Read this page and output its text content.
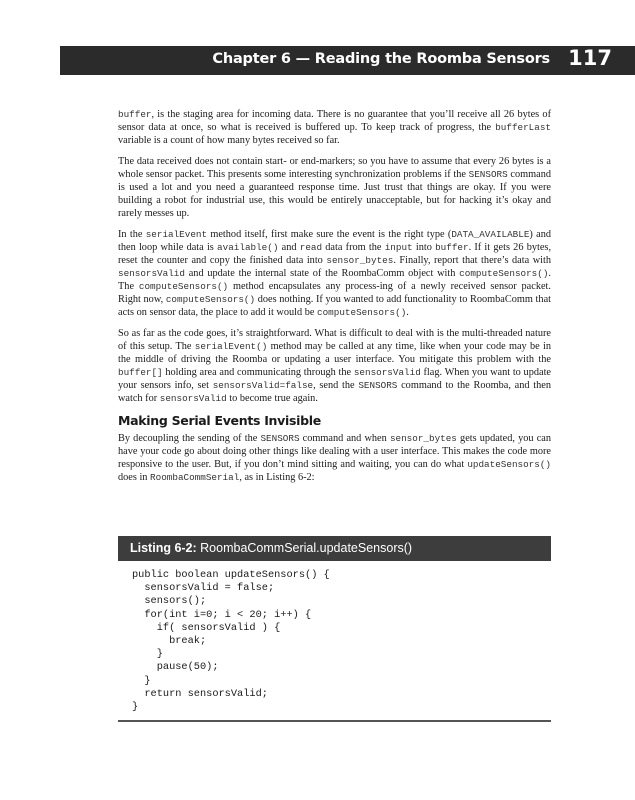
Chapter 6 — Reading the Roomba Sensors 117

buffer, is the staging area for incoming data. There is no guarantee that you’ll receive all 26 bytes of sensor data at once, so what is received is buffered up. To keep track of progress, the bufferLast variable is a count of how many bytes received so far.

The data received does not contain start- or end-markers; so you have to assume that every 26 bytes is a whole sensor packet. This presents some interesting synchronization problems if the SENSORS command is used a lot and you need a guaranteed response time. Just trust that things are okay. If you were building a robot for industrial use, this would be entirely unacceptable, but for hacking it’s okay and rarely messes up.

In the serialEvent method itself, first make sure the event is the right type (DATA_AVAILABLE) and then loop while data is available() and read data from the input into buffer. If it gets 26 bytes, reset the counter and copy the finished data into sensor_bytes. Finally, report that there’s data with sensorsValid and update the internal state of the RoombaComm object with computeSensors(). The computeSensors() method encapsulates any process-ing of a newly received sensor packet. Right now, computeSensors() does nothing. If you wanted to add functionality to RoombaComm that acts on sensor data, the place to add it would be computeSensors().

So as far as the code goes, it’s straightforward. What is difficult to deal with is the multi-threaded nature of this setup. The serialEvent() method may be called at any time, like when your code may be in the middle of driving the Roomba or updating a user interface. You mitigate this problem with the buffer[] holding area and communicating through the sensorsValid flag. When you want to update your sensors info, set sensorsValid=false, send the SENSORS command to the Roomba, and then watch for sensorsValid to become true again.

Making Serial Events Invisible

By decoupling the sending of the SENSORS command and when sensor_bytes gets updated, you can have your code go about doing other things like dealing with a user interface. This makes the code more responsive to the user. But, if you don’t mind sitting and waiting, you can do what updateSensors() does in RoombaCommSerial, as in Listing 6-2:

Listing 6-2: RoombaCommSerial.updateSensors()
public boolean updateSensors() {
sensorsValid = false;
sensors();
for(int i=0; i < 20; i++) {
if( sensorsValid ) {
break;
}
pause(50);
}
return sensorsValid;
}
